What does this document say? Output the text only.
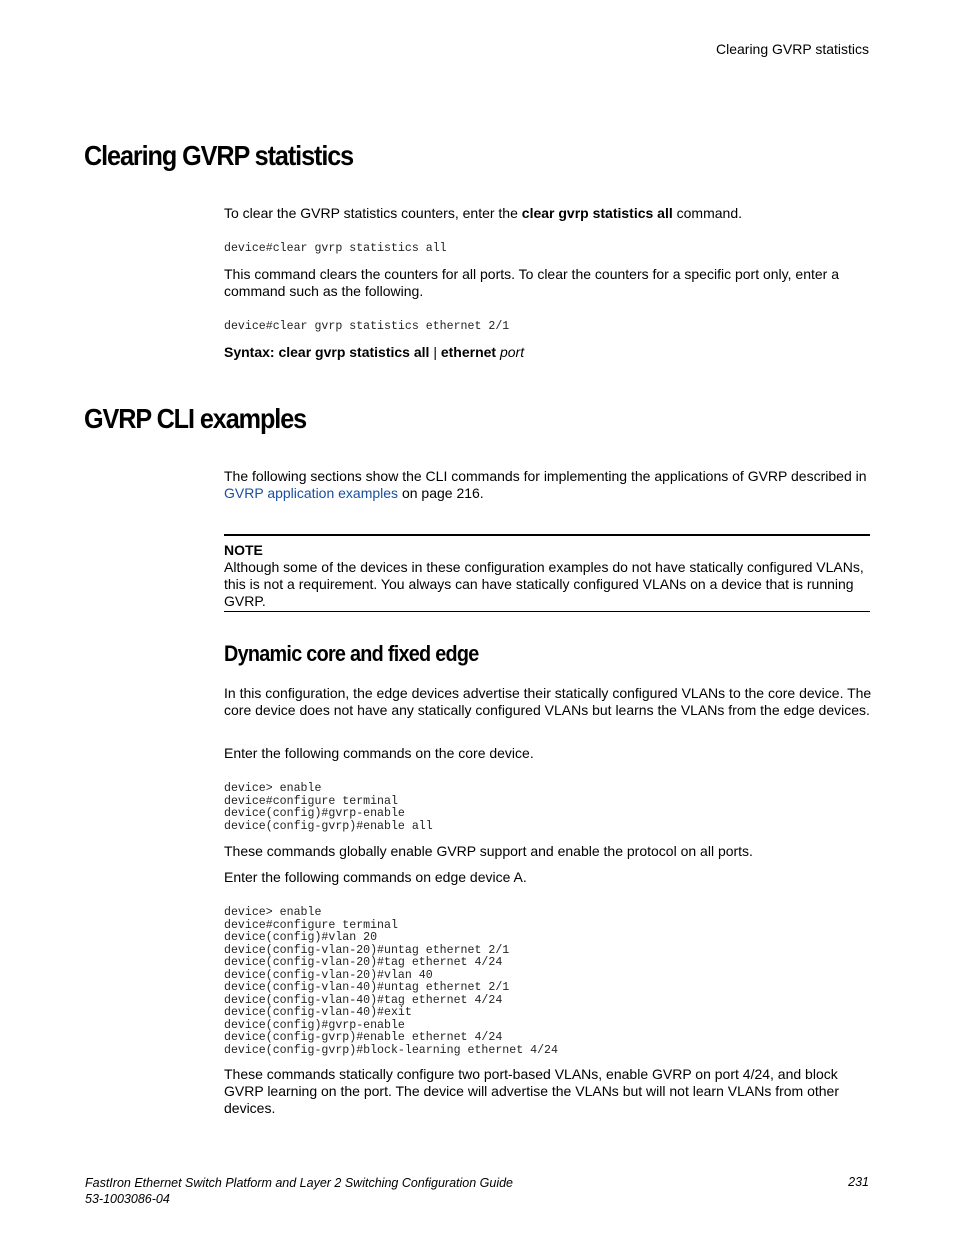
Clearing GVRP statistics
Clearing GVRP statistics

To clear the GVRP statistics counters, enter the clear gvrp statistics all command.

device#clear gvrp statistics all

This command clears the counters for all ports. To clear the counters for a specific port only, enter a command such as the following.

device#clear gvrp statistics ethernet 2/1

Syntax: clear gvrp statistics all | ethernet port

GVRP CLI examples

The following sections show the CLI commands for implementing the applications of GVRP described in GVRP application examples on page 216.

NOTE

Although some of the devices in these configuration examples do not have statically configured VLANs, this is not a requirement. You always can have statically configured VLANs on a device that is running GVRP.

Dynamic core and fixed edge

In this configuration, the edge devices advertise their statically configured VLANs to the core device. The core device does not have any statically configured VLANs but learns the VLANs from the edge devices.

Enter the following commands on the core device.

device> enable
device#configure terminal
device(config)#gvrp-enable
device(config-gvrp)#enable all

These commands globally enable GVRP support and enable the protocol on all ports.

Enter the following commands on edge device A.

device> enable
device#configure terminal
device(config)#vlan 20
device(config-vlan-20)#untag ethernet 2/1
device(config-vlan-20)#tag ethernet 4/24
device(config-vlan-20)#vlan 40
device(config-vlan-40)#untag ethernet 2/1
device(config-vlan-40)#tag ethernet 4/24
device(config-vlan-40)#exit
device(config)#gvrp-enable
device(config-gvrp)#enable ethernet 4/24
device(config-gvrp)#block-learning ethernet 4/24

These commands statically configure two port-based VLANs, enable GVRP on port 4/24, and block GVRP learning on the port. The device will advertise the VLANs but will not learn VLANs from other devices.

FastIron Ethernet Switch Platform and Layer 2 Switching Configuration Guide
53-1003086-04
231
